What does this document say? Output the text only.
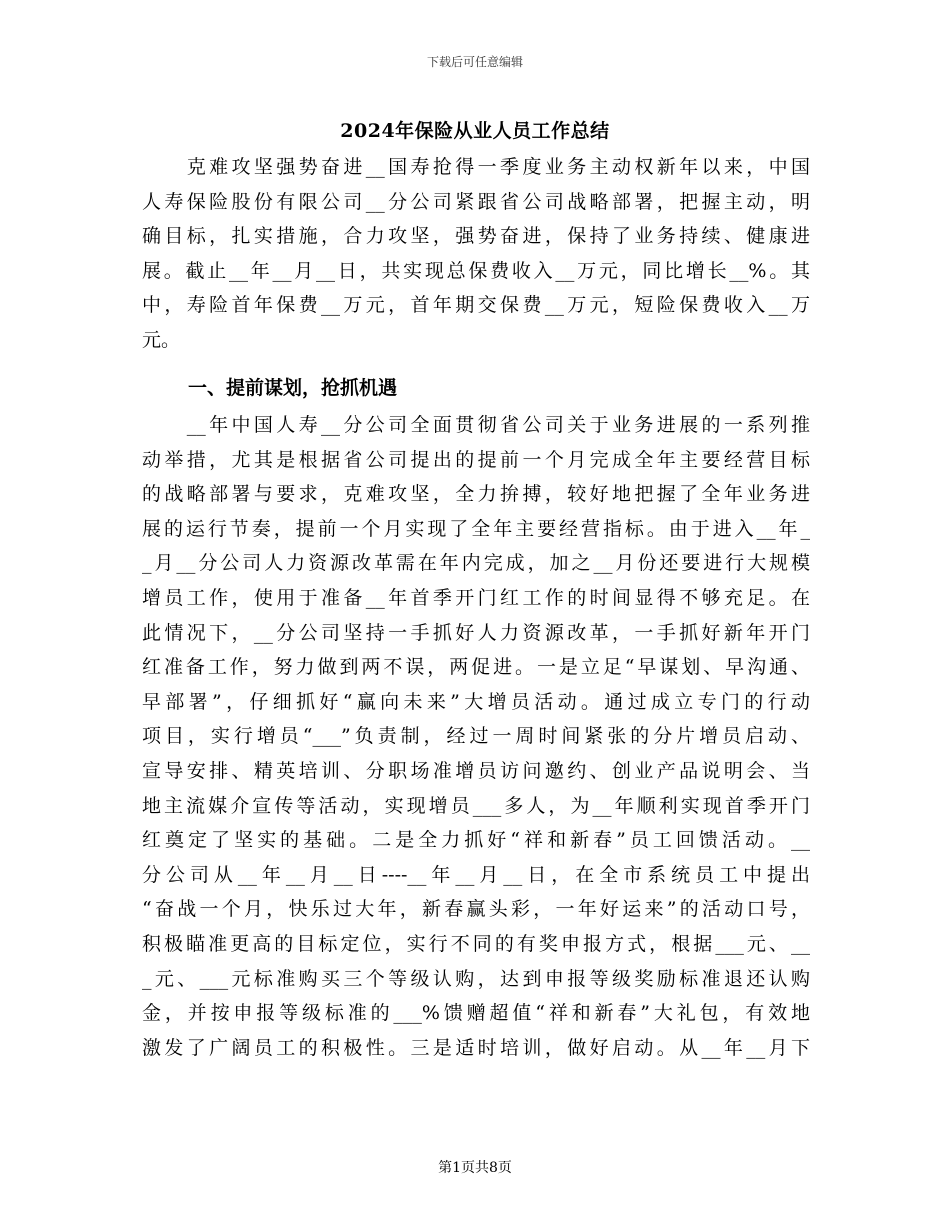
下载后可任意编辑
2024年保险从业人员工作总结
　　克难攻坚强势奋进__国寿抢得一季度业务主动权新年以来，中国
人寿保险股份有限公司__分公司紧跟省公司战略部署，把握主动，明
确目标，扎实措施，合力攻坚，强势奋进，保持了业务持续、健康进
展。截止__年__月__日，共实现总保费收入__万元，同比增长__%。其
中，寿险首年保费__万元，首年期交保费__万元，短险保费收入__万
元。
一、提前谋划，抢抓机遇
　　__年中国人寿__分公司全面贯彻省公司关于业务进展的一系列推
动举措，尤其是根据省公司提出的提前一个月完成全年主要经营目标
的战略部署与要求，克难攻坚，全力拚搏，较好地把握了全年业务进
展的运行节奏，提前一个月实现了全年主要经营指标。由于进入__年_
_月__分公司人力资源改革需在年内完成，加之__月份还要进行大规模
增员工作，使用于准备__年首季开门红工作的时间显得不够充足。在
此情况下，__分公司坚持一手抓好人力资源改革，一手抓好新年开门
红准备工作，努力做到两不误，两促进。一是立足“早谋划、早沟通、
早部署”，仔细抓好“赢向未来”大增员活动。通过成立专门的行动
项目，实行增员“___”负责制，经过一周时间紧张的分片增员启动、
宣导安排、精英培训、分职场准增员访问邀约、创业产品说明会、当
地主流媒介宣传等活动，实现增员___多人，为__年顺利实现首季开门
红奠定了坚实的基础。二是全力抓好“祥和新春”员工回馈活动。__
分公司从__年__月__日----__年__月__日，在全市系统员工中提出
“奋战一个月，快乐过大年，新春赢头彩，一年好运来”的活动口号，
积极瞄准更高的目标定位，实行不同的有奖申报方式，根据___元、__
_元、___元标准购买三个等级认购，达到申报等级奖励标准退还认购
金，并按申报等级标准的___%馈赠超值“祥和新春”大礼包，有效地
激发了广阔员工的积极性。三是适时培训，做好启动。从__年__月下
第1页共8页
